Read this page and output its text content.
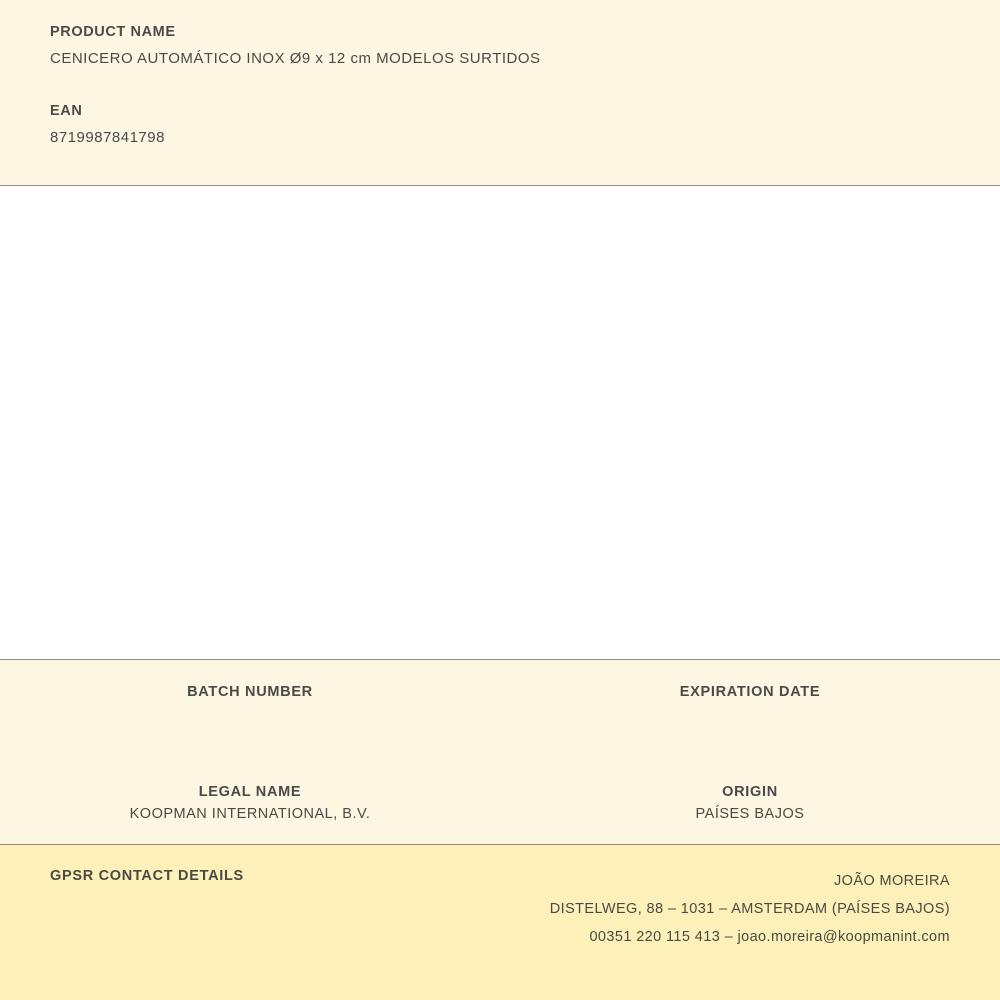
PRODUCT NAME

CENICERO AUTOMÁTICO INOX Ø9 x 12 cm MODELOS SURTIDOS

EAN

8719987841798

BATCH NUMBER	EXPIRATION DATE

LEGAL NAME

KOOPMAN INTERNATIONAL, B.V.

ORIGIN

PAÍSES BAJOS

GPSR CONTACT DETAILS	JOÃO MOREIRA
DISTELWEG, 88 – 1031 – AMSTERDAM (PAÍSES BAJOS)
00351 220 115 413 – joao.moreira@koopmanint.com
